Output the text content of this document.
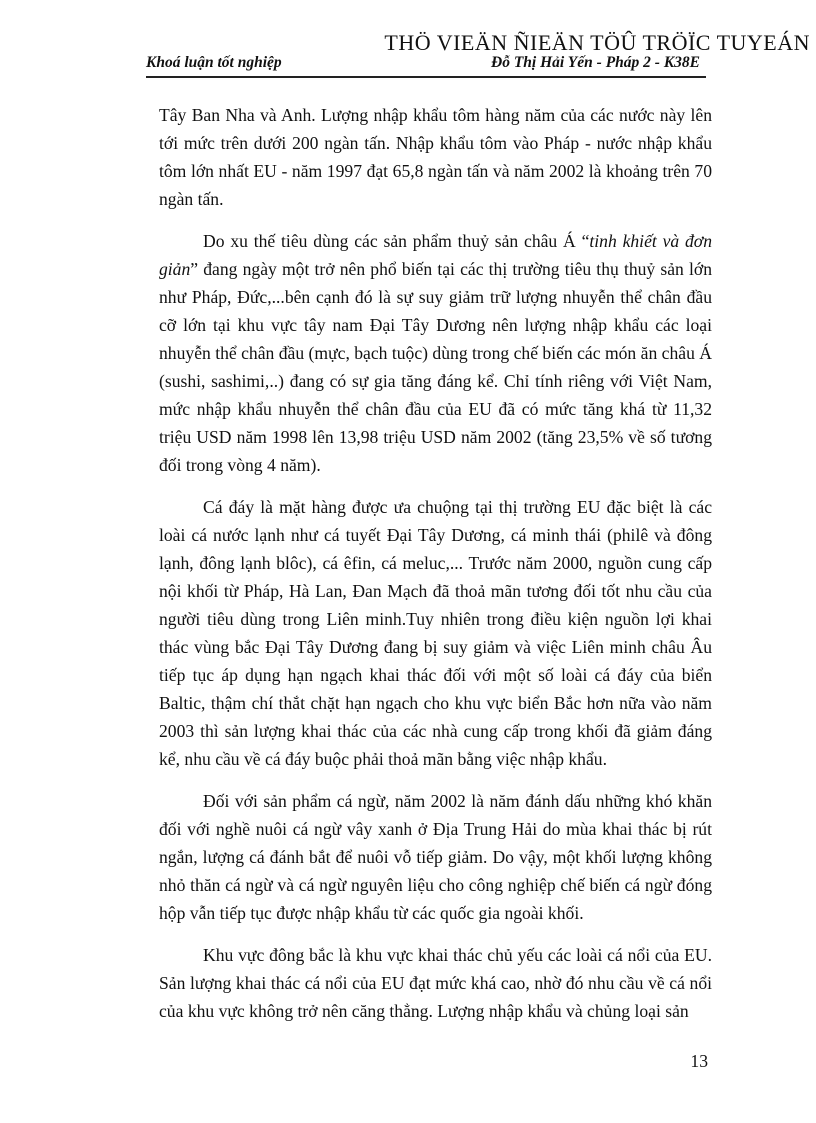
THÖ VIEÄN ÑIEÄN TÖÛ TRÖÏC TUYEÁN
Khoá luận tốt nghiệp	Đỗ Thị Hải Yến - Pháp 2 - K38E

Tây Ban Nha và Anh. Lượng nhập khẩu tôm hàng năm của các nước này lên tới mức trên dưới 200 ngàn tấn. Nhập khẩu tôm vào Pháp - nước nhập khẩu tôm lớn nhất EU - năm 1997 đạt 65,8 ngàn tấn và năm 2002 là khoảng trên 70 ngàn tấn.

Do xu thế tiêu dùng các sản phẩm thuỷ sản châu Á “tinh khiết và đơn giản” đang ngày một trở nên phổ biến tại các thị trường tiêu thụ thuỷ sản lớn như Pháp, Đức,...bên cạnh đó là sự suy giảm trữ lượng nhuyễn thể chân đầu cỡ lớn tại khu vực tây nam Đại Tây Dương nên lượng nhập khẩu các loại nhuyễn thể chân đầu (mực, bạch tuộc) dùng trong chế biến các món ăn châu Á (sushi, sashimi,..) đang có sự gia tăng đáng kể. Chỉ tính riêng với Việt Nam, mức nhập khẩu nhuyễn thể chân đầu của EU đã có mức tăng khá từ 11,32 triệu USD năm 1998 lên 13,98 triệu USD năm 2002 (tăng 23,5% về số tương đối trong vòng 4 năm).

Cá đáy là mặt hàng được ưa chuộng tại thị trường EU đặc biệt là các loài cá nước lạnh như cá tuyết Đại Tây Dương, cá minh thái (philê và đông lạnh, đông lạnh blôc), cá êfin, cá meluc,... Trước năm 2000, nguồn cung cấp nội khối từ Pháp, Hà Lan, Đan Mạch đã thoả mãn tương đối tốt nhu cầu của người tiêu dùng trong Liên minh.Tuy nhiên trong điều kiện nguồn lợi khai thác vùng bắc Đại Tây Dương đang bị suy giảm và việc Liên minh châu Âu tiếp tục áp dụng hạn ngạch khai thác đối với một số loài cá đáy của biển Baltic, thậm chí thắt chặt hạn ngạch cho khu vực biển Bắc hơn nữa vào năm 2003 thì sản lượng khai thác của các nhà cung cấp trong khối đã giảm đáng kể, nhu cầu về cá đáy buộc phải thoả mãn bằng việc nhập khẩu.

Đối với sản phẩm cá ngừ, năm 2002 là năm đánh dấu những khó khăn đối với nghề nuôi cá ngừ vây xanh ở Địa Trung Hải do mùa khai thác bị rút ngắn, lượng cá đánh bắt để nuôi vỗ tiếp giảm. Do vậy, một khối lượng không nhỏ thăn cá ngừ và cá ngừ nguyên liệu cho công nghiệp chế biến cá ngừ đóng hộp vẫn tiếp tục được nhập khẩu từ các quốc gia ngoài khối.

Khu vực đông bắc là khu vực khai thác chủ yếu các loài cá nổi của EU. Sản lượng khai thác cá nổi của EU đạt mức khá cao, nhờ đó nhu cầu về cá nổi của khu vực không trở nên căng thẳng. Lượng nhập khẩu và chủng loại sản

13
